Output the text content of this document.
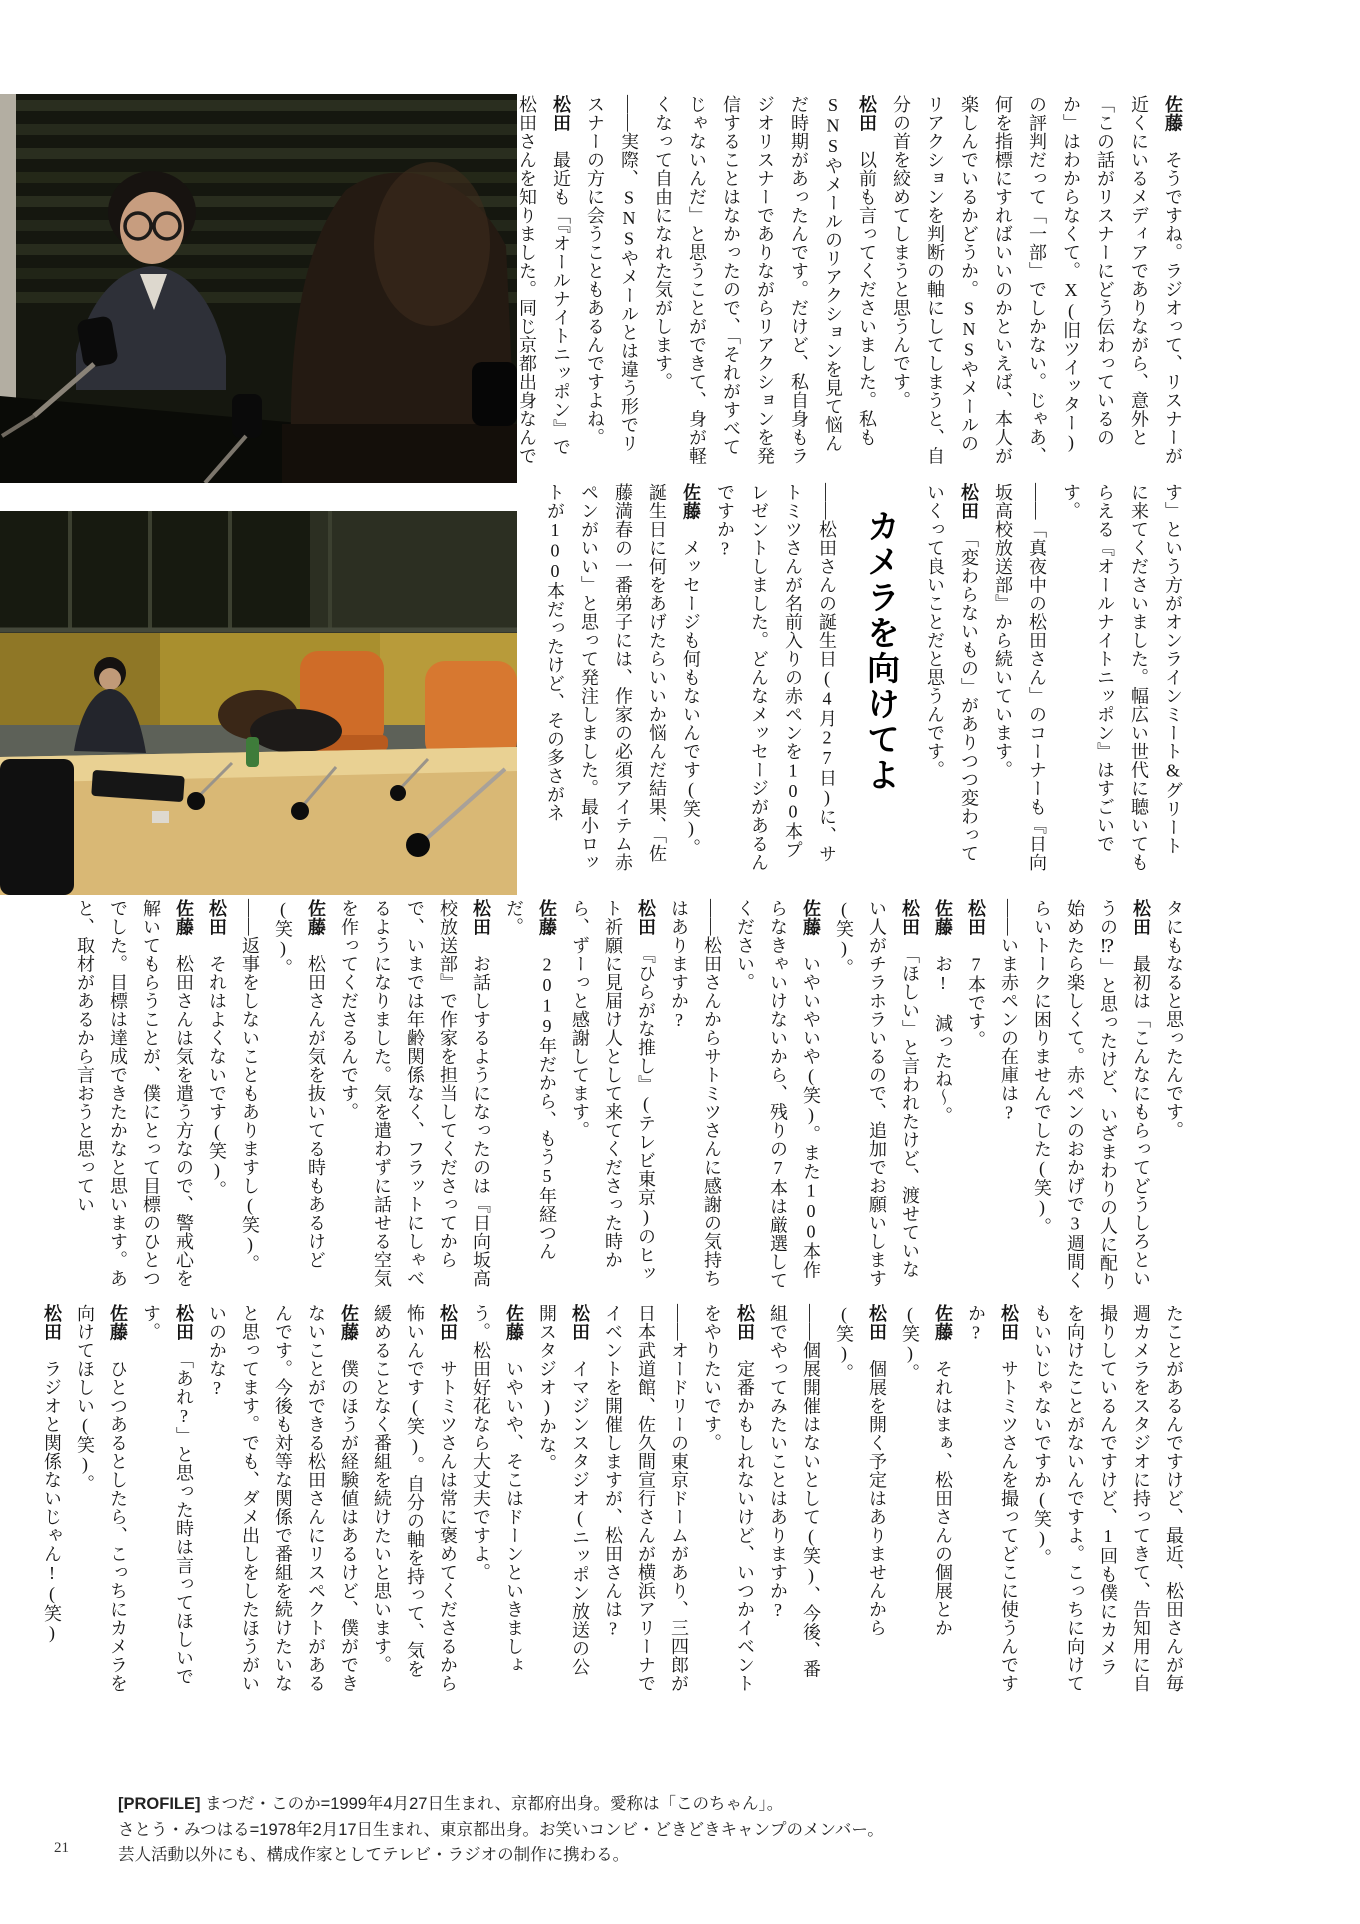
佐藤　そうですね。ラジオって、リスナーが近くにいるメディアでありながら、意外と「この話がリスナーにどう伝わっているのか」はわからなくて。X(旧ツイッター)の評判だって「一部」でしかない。じゃあ、何を指標にすればいいのかといえば、本人が楽しんでいるかどうか。SNSやメールのリアクションを判断の軸にしてしまうと、自分の首を絞めてしまうと思うんです。

松田　以前も言ってくださいました。私もSNSやメールのリアクションを見て悩んだ時期があったんです。だけど、私自身もラジオリスナーでありながらリアクションを発信することはなかったので、「それがすべてじゃないんだ」と思うことができて、身が軽くなって自由になれた気がします。

――実際、SNSやメールとは違う形でリスナーの方に会うこともあるんですよね。

松田　最近も「『オールナイトニッポン』で松田さんを知りました。同じ京都出身なんで

す」という方がオンラインミート&グリートに来てくださいました。幅広い世代に聴いてもらえる『オールナイトニッポン』はすごいです。

――「真夜中の松田さん」のコーナーも『日向坂高校放送部』から続いています。

松田　「変わらないもの」がありつつ変わっていくって良いことだと思うんです。

カメラを向けてよ

――松田さんの誕生日(4月27日)に、サトミツさんが名前入りの赤ペンを100本プレゼントしました。どんなメッセージがあるんですか?

佐藤　メッセージも何もないんです(笑)。誕生日に何をあげたらいいか悩んだ結果、「佐藤満春の一番弟子には、作家の必須アイテム赤ペンがいい」と思って発注しました。最小ロットが100本だったけど、その多さがネ

タにもなると思ったんです。

松田　最初は「こんなにもらってどうしろというの⁉」と思ったけど、いざまわりの人に配り始めたら楽しくて。赤ペンのおかげで3週間くらいトークに困りませんでした(笑)。

――いま赤ペンの在庫は?

松田　7本です。

佐藤　お! 減ったね〜。

松田　「ほしい」と言われたけど、渡せていない人がチラホラいるので、追加でお願いします(笑)。

佐藤　いやいやいや(笑)。また100本作らなきゃいけないから、残りの7本は厳選してください。

――松田さんからサトミツさんに感謝の気持ちはありますか?

松田　『ひらがな推し』(テレビ東京)のヒット祈願に見届け人として来てくださった時から、ずーっと感謝してます。

佐藤　2019年だから、もう5年経つんだ。

松田　お話しするようになったのは『日向坂高校放送部』で作家を担当してくださってからで、いまでは年齢関係なく、フラットにしゃべるようになりました。気を遣わずに話せる空気を作ってくださるんです。

佐藤　松田さんが気を抜いてる時もあるけど(笑)。

――返事をしないこともありますし(笑)。

松田　それはよくないです(笑)。

佐藤　松田さんは気を遣う方なので、警戒心を解いてもらうことが、僕にとって目標のひとつでした。目標は達成できたかなと思います。あと、取材があるから言おうと思ってい

たことがあるんですけど、最近、松田さんが毎週カメラをスタジオに持ってきて、告知用に自撮りしているんですけど、1回も僕にカメラを向けたことがないんですよ。こっちに向けてもいいじゃないですか(笑)。

松田　サトミツさんを撮ってどこに使うんですか?

佐藤　それはまぁ、松田さんの個展とか(笑)。

松田　個展を開く予定はありませんから(笑)。

――個展開催はないとして(笑)、今後、番組でやってみたいことはありますか?

松田　定番かもしれないけど、いつかイベントをやりたいです。

――オードリーの東京ドームがあり、三四郎が日本武道館、佐久間宣行さんが横浜アリーナでイベントを開催しますが、松田さんは?

松田　イマジンスタジオ(ニッポン放送の公開スタジオ)かな。

佐藤　いやいや、そこはドーンといきましょう。松田好花なら大丈夫ですよ。

松田　サトミツさんは常に褒めてくださるから怖いんです(笑)。自分の軸を持って、気を緩めることなく番組を続けたいと思います。

佐藤　僕のほうが経験値はあるけど、僕ができないことができる松田さんにリスペクトがあるんです。今後も対等な関係で番組を続けたいなと思ってます。でも、ダメ出しをしたほうがいいのかな?

松田　「あれ?」と思った時は言ってほしいです。

佐藤　ひとつあるとしたら、こっちにカメラを向けてほしい(笑)。

松田　ラジオと関係ないじゃん!(笑)

[PROFILE] まつだ・このか=1999年4月27日生まれ、京都府出身。愛称は「このちゃん」。
さとう・みつはる=1978年2月17日生まれ、東京都出身。お笑いコンビ・どきどきキャンプのメンバー。
芸人活動以外にも、構成作家としてテレビ・ラジオの制作に携わる。
21
